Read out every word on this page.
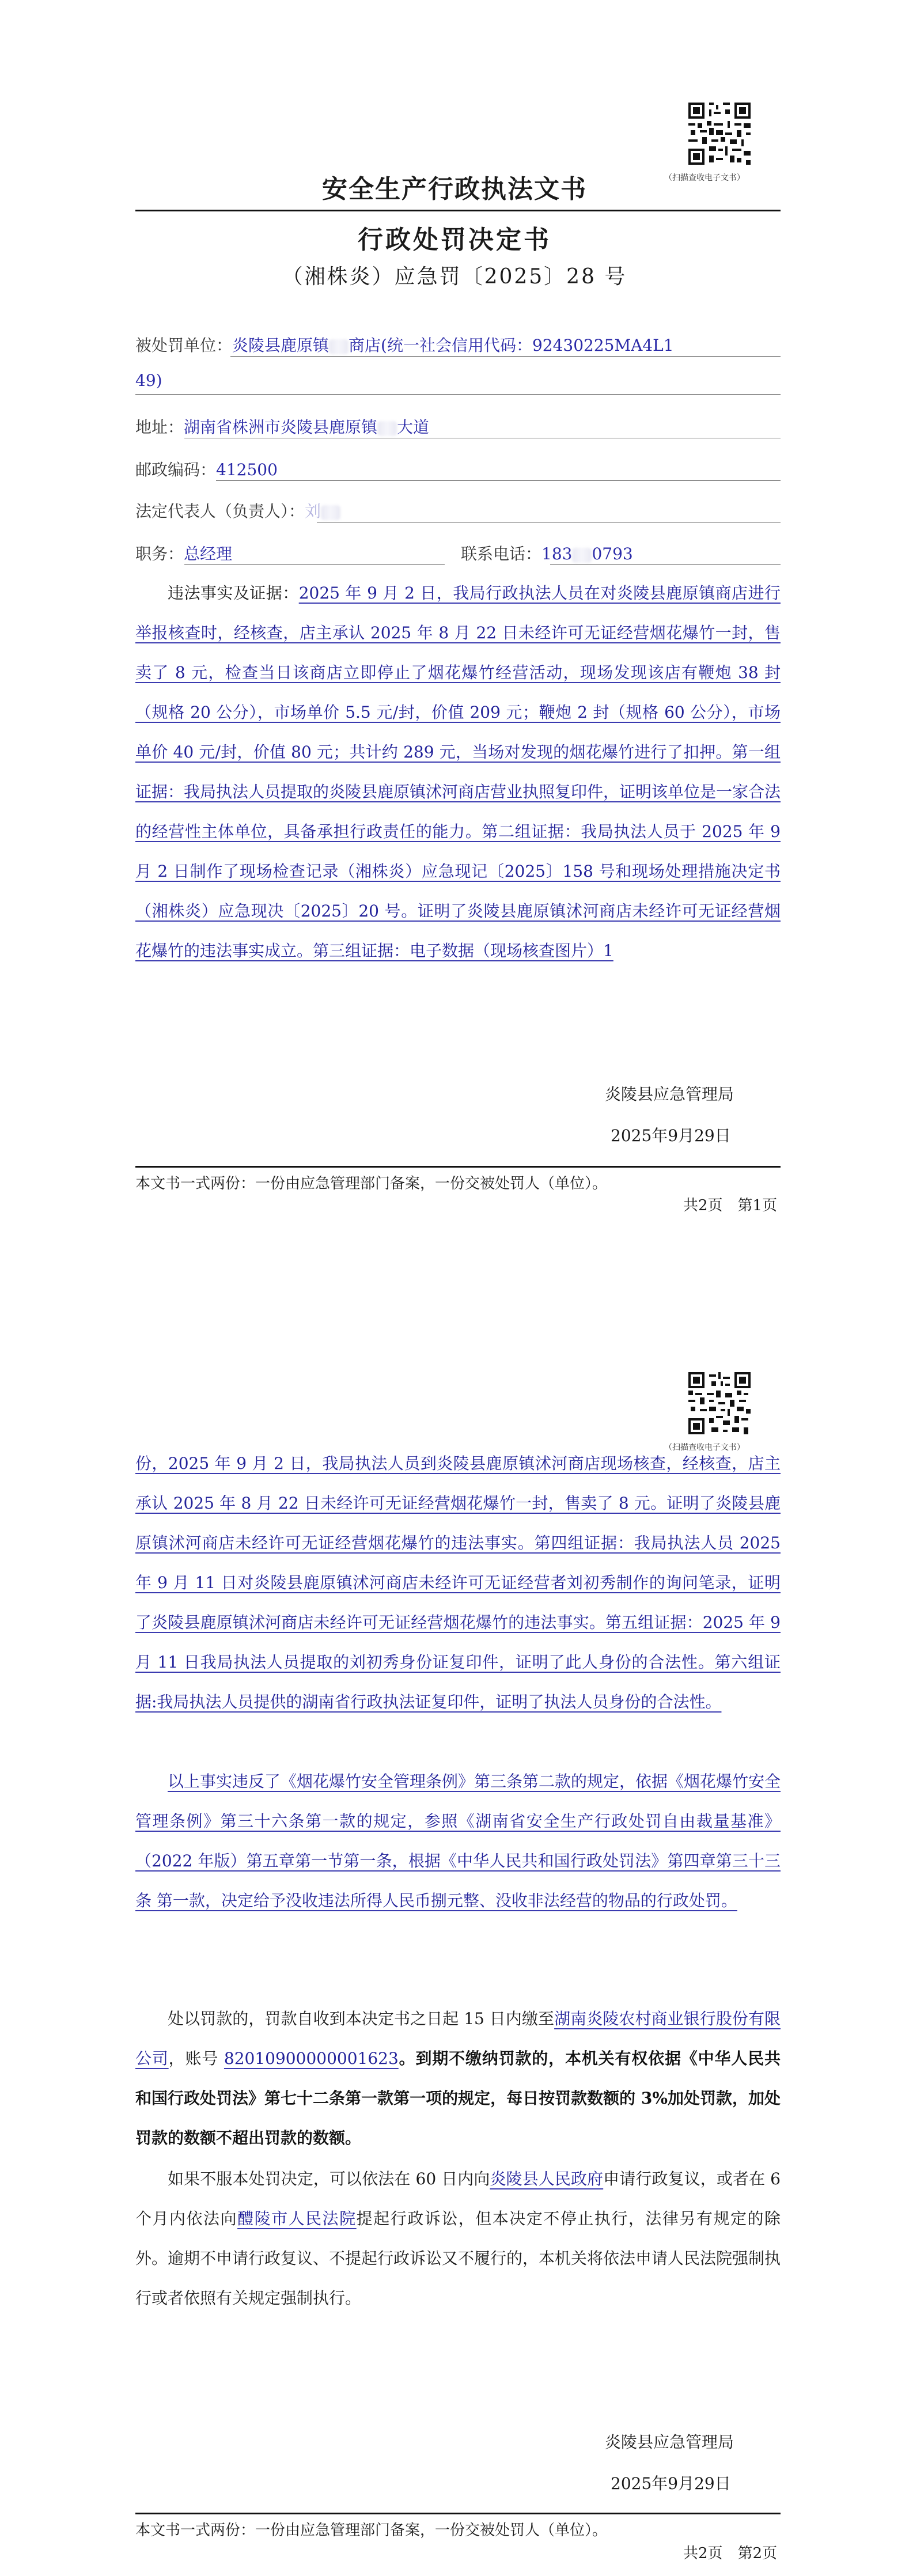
（扫描查收电子文书）
安全生产行政执法文书
行政处罚决定书
（湘株炎）应急罚〔2025〕28 号
被处罚单位：炎陵县鹿原镇 商店(统一社会信用代码：92430225MA4L1
49)
地址：湖南省株洲市炎陵县鹿原镇 大道
邮政编码：412500
法定代表人（负责人）：刘
职务：总经理	联系电话：183 0793
违法事实及证据：2025 年 9 月 2 日，我局行政执法人员在对炎陵县鹿原镇商店进行举报核查时，经核查，店主承认 2025 年 8 月 22 日未经许可无证经营烟花爆竹一封，售卖了 8 元，检查当日该商店立即停止了烟花爆竹经营活动，现场发现该店有鞭炮 38 封（规格 20 公分），市场单价 5.5 元/封，价值 209 元；鞭炮 2 封（规格 60 公分），市场单价 40 元/封，价值 80 元；共计约 289 元，当场对发现的烟花爆竹进行了扣押。第一组证据：我局执法人员提取的炎陵县鹿原镇沭河商店营业执照复印件，证明该单位是一家合法的经营性主体单位，具备承担行政责任的能力。第二组证据：我局执法人员于 2025 年 9 月 2 日制作了现场检查记录（湘株炎）应急现记〔2025〕158 号和现场处理措施决定书（湘株炎）应急现决〔2025〕20 号。证明了炎陵县鹿原镇沭河商店未经许可无证经营烟花爆竹的违法事实成立。第三组证据：电子数据（现场核查图片）1
炎陵县应急管理局
2025年9月29日
本文书一式两份：一份由应急管理部门备案，一份交被处罚人（单位）。
共2页　第1页
（扫描查收电子文书）
份，2025 年 9 月 2 日，我局执法人员到炎陵县鹿原镇沭河商店现场核查，经核查，店主承认 2025 年 8 月 22 日未经许可无证经营烟花爆竹一封，售卖了 8 元。证明了炎陵县鹿原镇沭河商店未经许可无证经营烟花爆竹的违法事实。第四组证据：我局执法人员 2025 年 9 月 11 日对炎陵县鹿原镇沭河商店未经许可无证经营者刘初秀制作的询问笔录，证明了炎陵县鹿原镇沭河商店未经许可无证经营烟花爆竹的违法事实。第五组证据：2025 年 9 月 11 日我局执法人员提取的刘初秀身份证复印件，证明了此人身份的合法性。第六组证据:我局执法人员提供的湖南省行政执法证复印件，证明了执法人员身份的合法性。
以上事实违反了《烟花爆竹安全管理条例》第三条第二款的规定，依据《烟花爆竹安全管理条例》第三十六条第一款的规定，参照《湖南省安全生产行政处罚自由裁量基准》（2022 年版）第五章第一节第一条，根据《中华人民共和国行政处罚法》第四章第三十三条 第一款，决定给予没收违法所得人民币捌元整、没收非法经营的物品的行政处罚。
处以罚款的，罚款自收到本决定书之日起 15 日内缴至湖南炎陵农村商业银行股份有限公司，账号 82010900000001623。到期不缴纳罚款的，本机关有权依据《中华人民共和国行政处罚法》第七十二条第一款第一项的规定，每日按罚款数额的 3%加处罚款，加处罚款的数额不超出罚款的数额。
如果不服本处罚决定，可以依法在 60 日内向炎陵县人民政府申请行政复议，或者在 6 个月内依法向醴陵市人民法院提起行政诉讼，但本决定不停止执行，法律另有规定的除外。逾期不申请行政复议、不提起行政诉讼又不履行的，本机关将依法申请人民法院强制执行或者依照有关规定强制执行。
炎陵县应急管理局
2025年9月29日
本文书一式两份：一份由应急管理部门备案，一份交被处罚人（单位）。
共2页　第2页
